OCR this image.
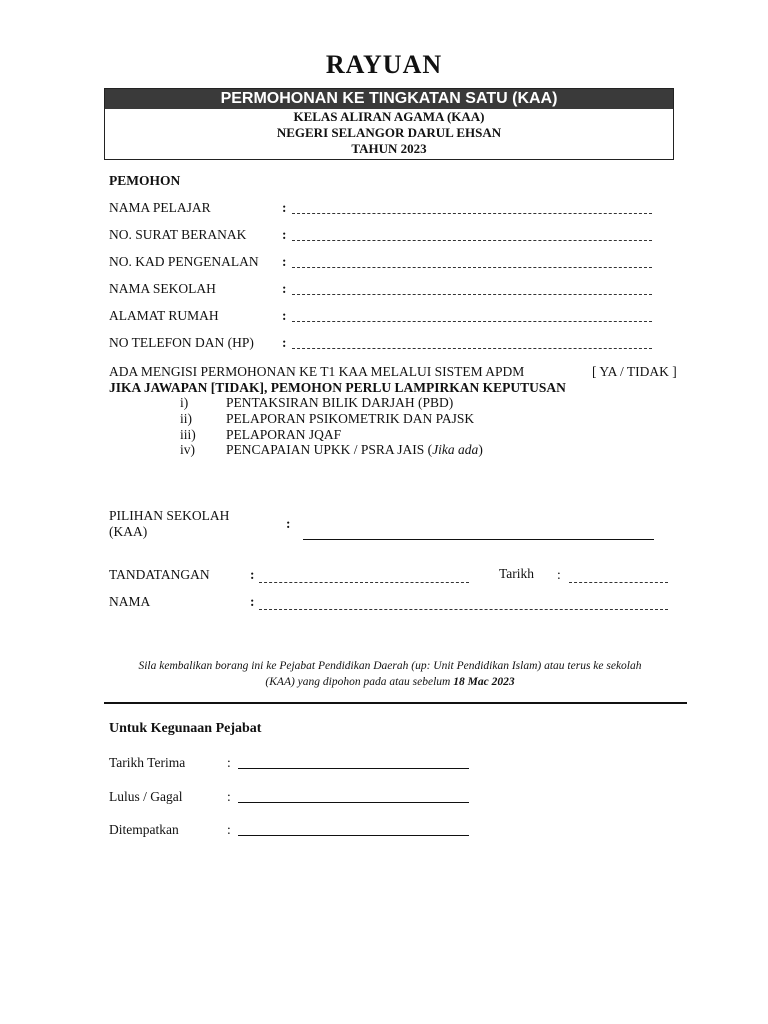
RAYUAN
PERMOHONAN KE TINGKATAN SATU (KAA)
KELAS ALIRAN AGAMA (KAA)
NEGERI SELANGOR DARUL EHSAN
TAHUN 2023
PEMOHON
NAMA PELAJAR	:
NO. SURAT BERANAK	:
NO. KAD PENGENALAN :
NAMA SEKOLAH	:
ALAMAT RUMAH	:
NO TELEFON DAN (HP) :
ADA MENGISI PERMOHONAN KE T1 KAA MELALUI SISTEM APDM	[ YA / TIDAK ]
JIKA JAWAPAN [TIDAK], PEMOHON PERLU LAMPIRKAN KEPUTUSAN
i)	PENTAKSIRAN BILIK DARJAH (PBD)
ii)	PELAPORAN PSIKOMETRIK DAN PAJSK
iii) PELAPORAN JQAF
iv) PENCAPAIAN UPKK / PSRA JAIS (Jika ada)
PILIHAN SEKOLAH
(KAA)
:
TANDATANGAN	:	Tarikh :
NAMA	:
Sila kembalikan borang ini ke Pejabat Pendidikan Daerah (up: Unit Pendidikan Islam) atau terus ke sekolah
(KAA) yang dipohon pada atau sebelum 18 Mac 2023
Untuk Kegunaan Pejabat
Tarikh Terima	:
Lulus / Gagal	:
Ditempatkan	:
